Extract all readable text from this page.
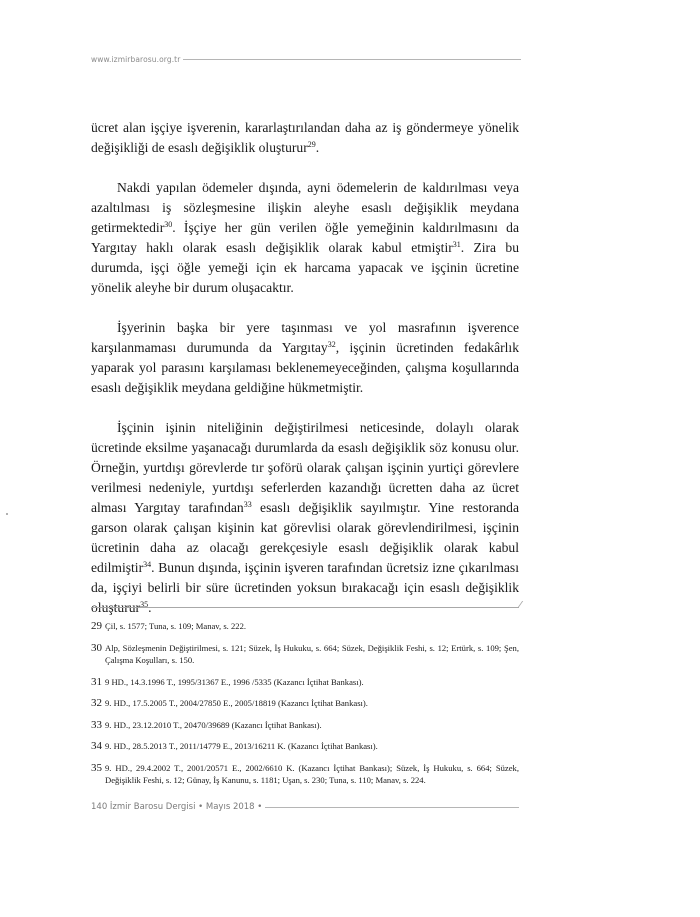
www.izmirbarosu.org.tr

ücret alan işçiye işverenin, kararlaştırılandan daha az iş göndermeye yönelik değişikliği de esaslı değişiklik oluşturur$^{29}$.

Nakdi yapılan ödemeler dışında, ayni ödemelerin de kaldırılması veya azaltılması iş sözleşmesine ilişkin aleyhe esaslı değişiklik meydana getirmektedir$^{30}$. İşçiye her gün verilen öğle yemeğinin kaldırılmasını da Yargıtay haklı olarak esaslı değişiklik olarak kabul etmiştir$^{31}$. Zira bu durumda, işçi öğle yemeği için ek harcama yapacak ve işçinin ücretine yönelik aleyhe bir durum oluşacaktır.

İşyerinin başka bir yere taşınması ve yol masrafının işverence karşılanmaması durumunda da Yargıtay$^{32}$, işçinin ücretinden fedakârlık yaparak yol parasını karşılaması beklenemeyeceğinden, çalışma koşullarında esaslı değişiklik meydana geldiğine hükmetmiştir.

İşçinin işinin niteliğinin değiştirilmesi neticesinde, dolaylı olarak ücretinde eksilme yaşanacağı durumlarda da esaslı değişiklik söz konusu olur. Örneğin, yurtdışı görevlerde tır şoförü olarak çalışan işçinin yurtiçi görevlere verilmesi nedeniyle, yurtdışı seferlerden kazandığı ücretten daha az ücret alması Yargıtay tarafından$^{33}$ esaslı değişiklik sayılmıştır. Yine restoranda garson olarak çalışan kişinin kat görevlisi olarak görevlendirilmesi, işçinin ücretinin daha az olacağı gerekçesiyle esaslı değişiklik olarak kabul edilmiştir$^{34}$. Bunun dışında, işçinin işveren tarafından ücretsiz izne çıkarılması da, işçiyi belirli bir süre ücretinden yoksun bırakacağı için esaslı değişiklik oluşturur$^{35}$.

29 Çil, s. 1577; Tuna, s. 109; Manav, s. 222.
30 Alp, Sözleşmenin Değiştirilmesi, s. 121; Süzek, İş Hukuku, s. 664; Süzek, Değişiklik Feshi, s. 12; Ertürk, s. 109; Şen, Çalışma Koşulları, s. 150.
31 9 HD., 14.3.1996 T., 1995/31367 E., 1996 /5335 (Kazancı İçtihat Bankası).
32 9. HD., 17.5.2005 T., 2004/27850 E., 2005/18819 (Kazancı İçtihat Bankası).
33 9. HD., 23.12.2010 T., 20470/39689 (Kazancı İçtihat Bankası).
34 9. HD., 28.5.2013 T., 2011/14779 E., 2013/16211 K. (Kazancı İçtihat Bankası).
35 9. HD., 29.4.2002 T., 2001/20571 E., 2002/6610 K. (Kazancı İçtihat Bankası); Süzek, İş Hukuku, s. 664; Süzek, Değişiklik Feshi, s. 12; Günay, İş Kanunu, s. 1181; Uşan, s. 230; Tuna, s. 110; Manav, s. 224.
140 İzmir Barosu Dergisi • Mayıs 2018 •
